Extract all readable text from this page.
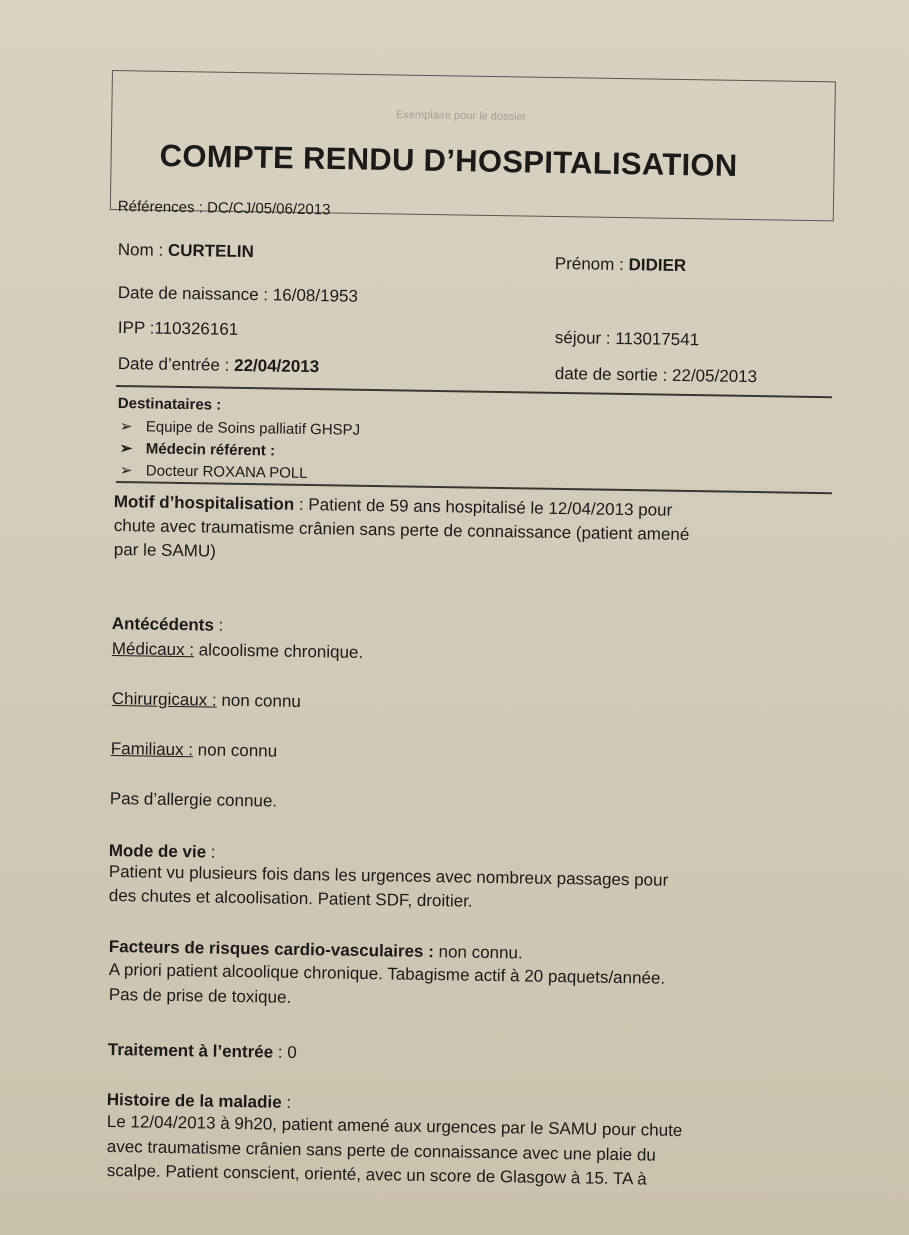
Exemplaire pour le dossier
COMPTE RENDU D’HOSPITALISATION
Références : DC/CJ/05/06/2013
Nom : CURTELIN
Prénom : DIDIER
Date de naissance : 16/08/1953
IPP :110326161	séjour : 113017541
Date d’entrée : 22/04/2013	date de sortie : 22/05/2013
Destinataires :
➢ Equipe de Soins palliatif GHSPJ
➢ Médecin référent :
➢ Docteur ROXANA POLL
Motif d’hospitalisation : Patient de 59 ans hospitalisé le 12/04/2013 pour
chute avec traumatisme crânien sans perte de connaissance (patient amené
par le SAMU)
Antécédents :
Médicaux : alcoolisme chronique.
Chirurgicaux : non connu
Familiaux : non connu
Pas d’allergie connue.
Mode de vie :
Patient vu plusieurs fois dans les urgences avec nombreux passages pour
des chutes et alcoolisation. Patient SDF, droitier.
Facteurs de risques cardio-vasculaires : non connu.
A priori patient alcoolique chronique. Tabagisme actif à 20 paquets/année.
Pas de prise de toxique.
Traitement à l’entrée : 0
Histoire de la maladie :
Le 12/04/2013 à 9h20, patient amené aux urgences par le SAMU pour chute
avec traumatisme crânien sans perte de connaissance avec une plaie du
scalpe. Patient conscient, orienté, avec un score de Glasgow à 15. TA à
